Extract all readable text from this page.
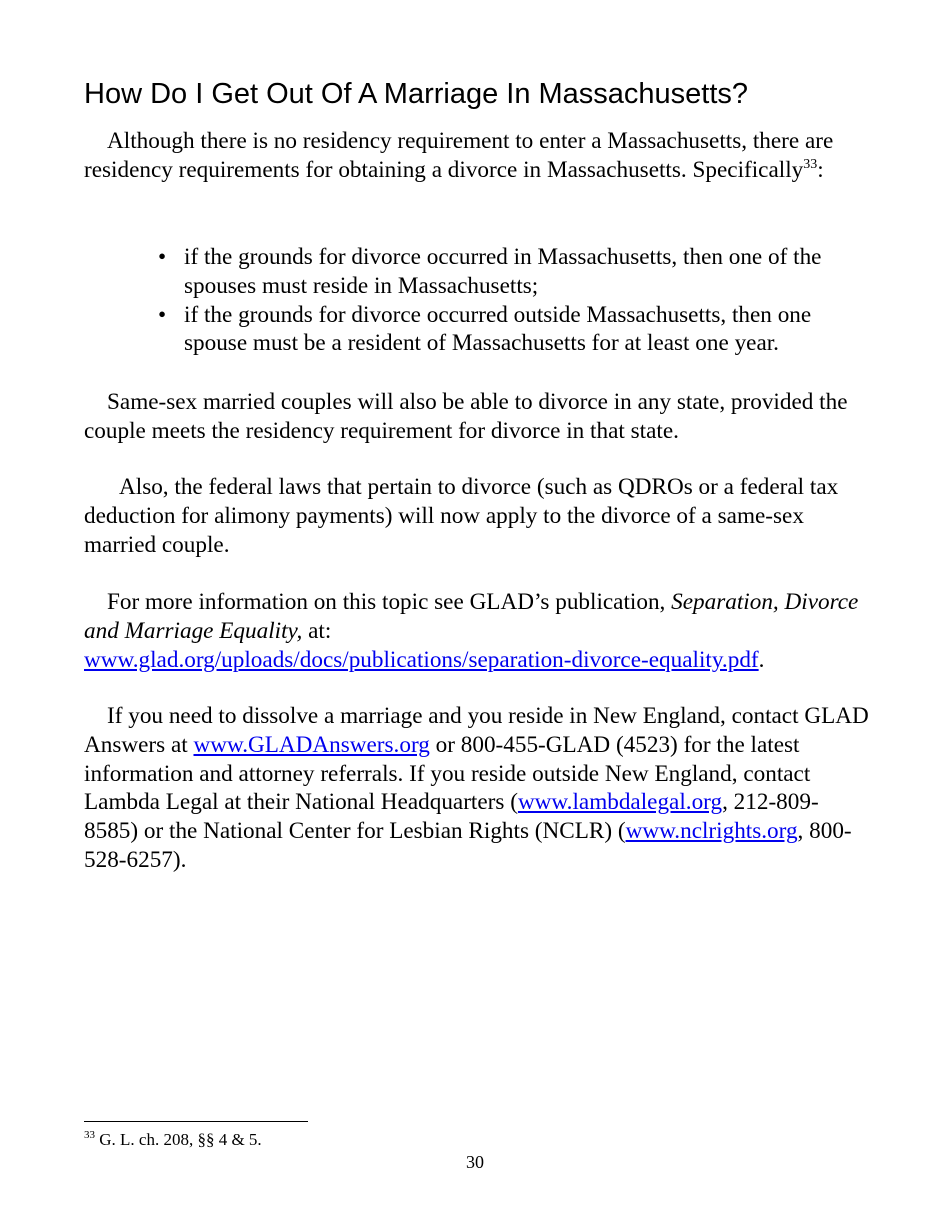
How Do I Get Out Of A Marriage In Massachusetts?

Although there is no residency requirement to enter a Massachusetts, there are residency requirements for obtaining a divorce in Massachusetts. Specifically$^{33}$:

• if the grounds for divorce occurred in Massachusetts, then one of the spouses must reside in Massachusetts;
• if the grounds for divorce occurred outside Massachusetts, then one spouse must be a resident of Massachusetts for at least one year.

Same-sex married couples will also be able to divorce in any state, provided the couple meets the residency requirement for divorce in that state.

Also, the federal laws that pertain to divorce (such as QDROs or a federal tax deduction for alimony payments) will now apply to the divorce of a same-sex married couple.

For more information on this topic see GLAD’s publication, Separation, Divorce and Marriage Equality, at:
www.glad.org/uploads/docs/publications/separation-divorce-equality.pdf.

If you need to dissolve a marriage and you reside in New England, contact GLAD Answers at www.GLADAnswers.org or 800-455-GLAD (4523) for the latest information and attorney referrals. If you reside outside New England, contact Lambda Legal at their National Headquarters (www.lambdalegal.org, 212-809-8585) or the National Center for Lesbian Rights (NCLR) (www.nclrights.org, 800-528-6257).

$^{33}$ G. L. ch. 208, §§ 4 & 5.

30
